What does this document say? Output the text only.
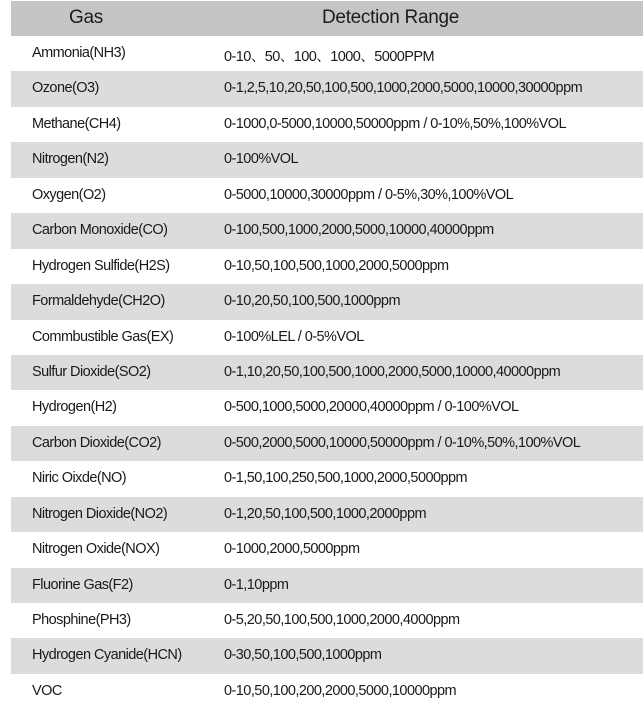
Gas	Detection Range
Ammonia(NH3)	0-10、50、100、1000、5000PPM
Ozone(O3)	0-1,2,5,10,20,50,100,500,1000,2000,5000,10000,30000ppm
Methane(CH4)	0-1000,0-5000,10000,50000ppm / 0-10%,50%,100%VOL
Nitrogen(N2)	0-100%VOL
Oxygen(O2)	0-5000,10000,30000ppm / 0-5%,30%,100%VOL
Carbon Monoxide(CO)	0-100,500,1000,2000,5000,10000,40000ppm
Hydrogen Sulfide(H2S)	0-10,50,100,500,1000,2000,5000ppm
Formaldehyde(CH2O)	0-10,20,50,100,500,1000ppm
Commbustible Gas(EX)	0-100%LEL / 0-5%VOL
Sulfur Dioxide(SO2)	0-1,10,20,50,100,500,1000,2000,5000,10000,40000ppm
Hydrogen(H2)	0-500,1000,5000,20000,40000ppm / 0-100%VOL
Carbon Dioxide(CO2)	0-500,2000,5000,10000,50000ppm / 0-10%,50%,100%VOL
Niric Oixde(NO)	0-1,50,100,250,500,1000,2000,5000ppm
Nitrogen Dioxide(NO2)	0-1,20,50,100,500,1000,2000ppm
Nitrogen Oxide(NOX)	0-1000,2000,5000ppm
Fluorine Gas(F2)	0-1,10ppm
Phosphine(PH3)	0-5,20,50,100,500,1000,2000,4000ppm
Hydrogen Cyanide(HCN)	0-30,50,100,500,1000ppm
VOC	0-10,50,100,200,2000,5000,10000ppm
